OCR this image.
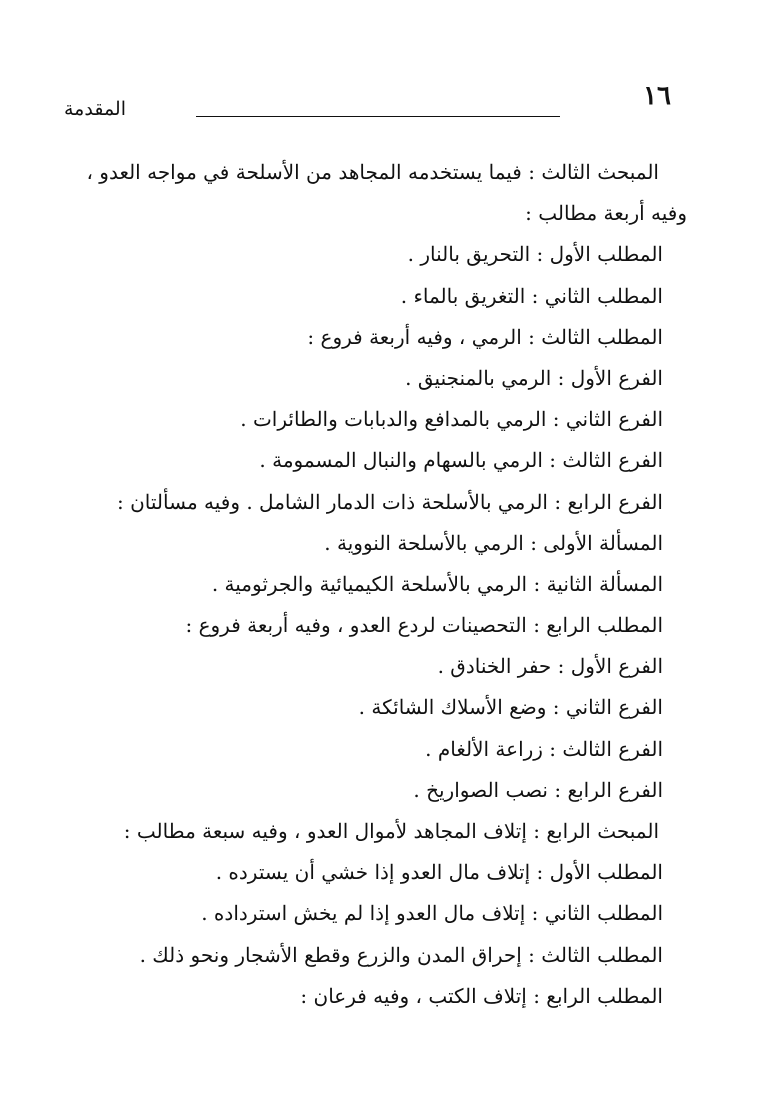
١٦
المقدمة
المبحث الثالث : فيما يستخدمه المجاهد من الأسلحة في مواجه العدو ،
وفيه أربعة مطالب :
المطلب الأول : التحريق بالنار .
المطلب الثاني : التغريق بالماء .
المطلب الثالث : الرمي ، وفيه أربعة فروع :
الفرع الأول : الرمي بالمنجنيق .
الفرع الثاني : الرمي بالمدافع والدبابات والطائرات .
الفرع الثالث : الرمي بالسهام والنبال المسمومة .
الفرع الرابع : الرمي بالأسلحة ذات الدمار الشامل . وفيه مسألتان :
المسألة الأولى : الرمي بالأسلحة النووية .
المسألة الثانية : الرمي بالأسلحة الكيميائية والجرثومية .
المطلب الرابع : التحصينات لردع العدو ، وفيه أربعة فروع :
الفرع الأول : حفر الخنادق .
الفرع الثاني : وضع الأسلاك الشائكة .
الفرع الثالث : زراعة الألغام .
الفرع الرابع : نصب الصواريخ .
المبحث الرابع : إتلاف المجاهد لأموال العدو ، وفيه سبعة مطالب :
المطلب الأول : إتلاف مال العدو إذا خشي أن يسترده .
المطلب الثاني : إتلاف مال العدو إذا لم يخش استرداده .
المطلب الثالث : إحراق المدن والزرع وقطع الأشجار ونحو ذلك .
المطلب الرابع : إتلاف الكتب ، وفيه فرعان :
